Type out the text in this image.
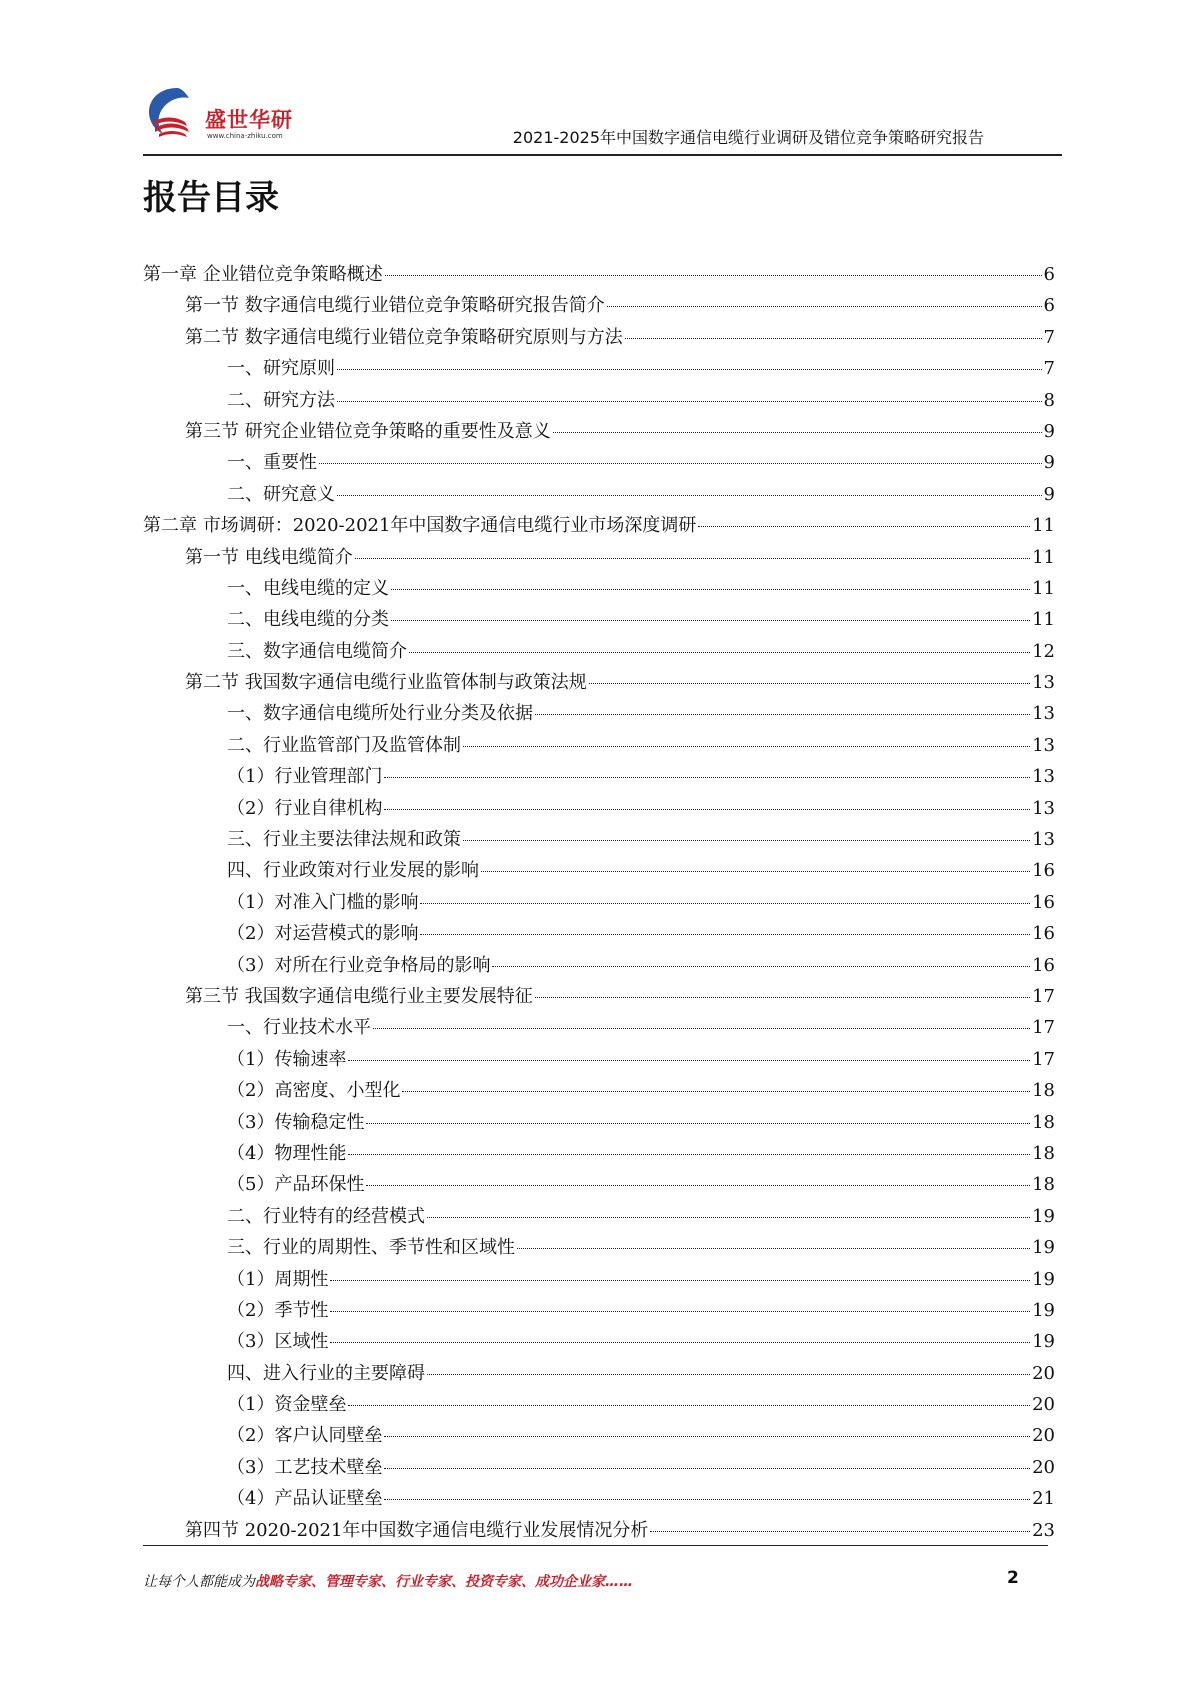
盛世华研
www.china-zhiku.com	2021-2025年中国数字通信电缆行业调研及错位竞争策略研究报告
报告目录
第一章 企业错位竞争策略概述	6
第一节 数字通信电缆行业错位竞争策略研究报告简介	6
第二节 数字通信电缆行业错位竞争策略研究原则与方法	7
一、研究原则	7
二、研究方法	8
第三节 研究企业错位竞争策略的重要性及意义	9
一、重要性	9
二、研究意义	9
第二章 市场调研：2020-2021年中国数字通信电缆行业市场深度调研	11
第一节 电线电缆简介	11
一、电线电缆的定义	11
二、电线电缆的分类	11
三、数字通信电缆简介	12
第二节 我国数字通信电缆行业监管体制与政策法规	13
一、数字通信电缆所处行业分类及依据	13
二、行业监管部门及监管体制	13
（1）行业管理部门	13
（2）行业自律机构	13
三、行业主要法律法规和政策	13
四、行业政策对行业发展的影响	16
（1）对准入门槛的影响	16
（2）对运营模式的影响	16
（3）对所在行业竞争格局的影响	16
第三节 我国数字通信电缆行业主要发展特征	17
一、行业技术水平	17
（1）传输速率	17
（2）高密度、小型化	18
（3）传输稳定性	18
（4）物理性能	18
（5）产品环保性	18
二、行业特有的经营模式	19
三、行业的周期性、季节性和区域性	19
（1）周期性	19
（2）季节性	19
（3）区域性	19
四、进入行业的主要障碍	20
（1）资金壁垒	20
（2）客户认同壁垒	20
（3）工艺技术壁垒	20
（4）产品认证壁垒	21
第四节 2020-2021年中国数字通信电缆行业发展情况分析	23
让每个人都能成为战略专家、管理专家、行业专家、投资专家、成功企业家……	2
